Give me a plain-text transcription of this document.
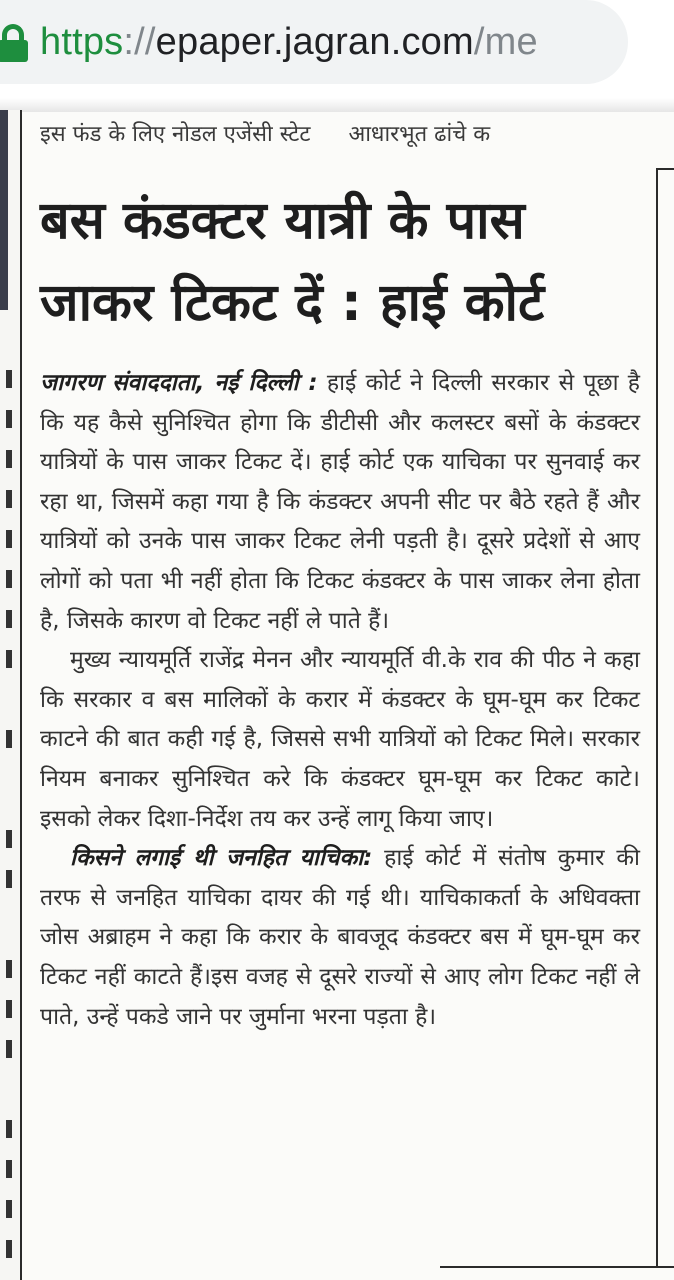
https://epaper.jagran.com/me
इस फंड के लिए नोडल एजेंसी स्टेट आधारभूत ढांचे क
बस कंडक्टर यात्री के पास
जाकर टिकट दें : हाई कोर्ट

जागरण संवाददाता, नई दिल्ली : हाई कोर्ट ने दिल्ली सरकार से पूछा है कि यह कैसे सुनिश्चित होगा कि डीटीसी और कलस्टर बसों के कंडक्टर यात्रियों के पास जाकर टिकट दें। हाई कोर्ट एक याचिका पर सुनवाई कर रहा था, जिसमें कहा गया है कि कंडक्टर अपनी सीट पर बैठे रहते हैं और यात्रियों को उनके पास जाकर टिकट लेनी पड़ती है। दूसरे प्रदेशों से आए लोगों को पता भी नहीं होता कि टिकट कंडक्टर के पास जाकर लेना होता है, जिसके कारण वो टिकट नहीं ले पाते हैं।

मुख्य न्यायमूर्ति राजेंद्र मेनन और न्यायमूर्ति वी.के राव की पीठ ने कहा कि सरकार व बस मालिकों के करार में कंडक्टर के घूम-घूम कर टिकट काटने की बात कही गई है, जिससे सभी यात्रियों को टिकट मिले। सरकार नियम बनाकर सुनिश्चित करे कि कंडक्टर घूम-घूम कर टिकट काटे। इसको लेकर दिशा-निर्देश तय कर उन्हें लागू किया जाए।

किसने लगाई थी जनहित याचिका: हाई कोर्ट में संतोष कुमार की तरफ से जनहित याचिका दायर की गई थी। याचिकाकर्ता के अधिवक्ता जोस अब्राहम ने कहा कि करार के बावजूद कंडक्टर बस में घूम-घूम कर टिकट नहीं काटते हैं।इस वजह से दूसरे राज्यों से आए लोग टिकट नहीं ले पाते, उन्हें पकडे जाने पर जुर्माना भरना पड़ता है।
